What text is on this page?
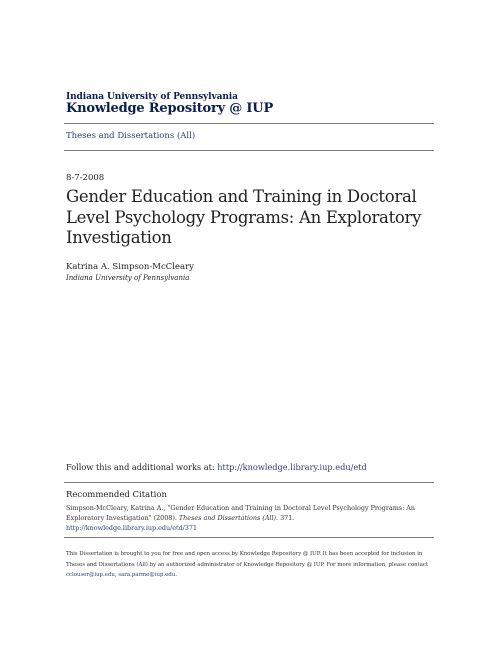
Indiana University of Pennsylvania
Knowledge Repository @ IUP
Theses and Dissertations (All)
8-7-2008
Gender Education and Training in Doctoral Level Psychology Programs: An Exploratory Investigation
Katrina A. Simpson-McCleary
Indiana University of Pennsylvania
Follow this and additional works at: http://knowledge.library.iup.edu/etd
Recommended Citation
Simpson-McCleary, Katrina A., "Gender Education and Training in Doctoral Level Psychology Programs: An Exploratory Investigation" (2008). Theses and Dissertations (All). 371.
http://knowledge.library.iup.edu/etd/371
This Dissertation is brought to you for free and open access by Knowledge Repository @ IUP. It has been accepted for inclusion in Theses and Dissertations (All) by an authorized administrator of Knowledge Repository @ IUP. For more information, please contact cclouser@iup.edu, sara.parme@iup.edu.
